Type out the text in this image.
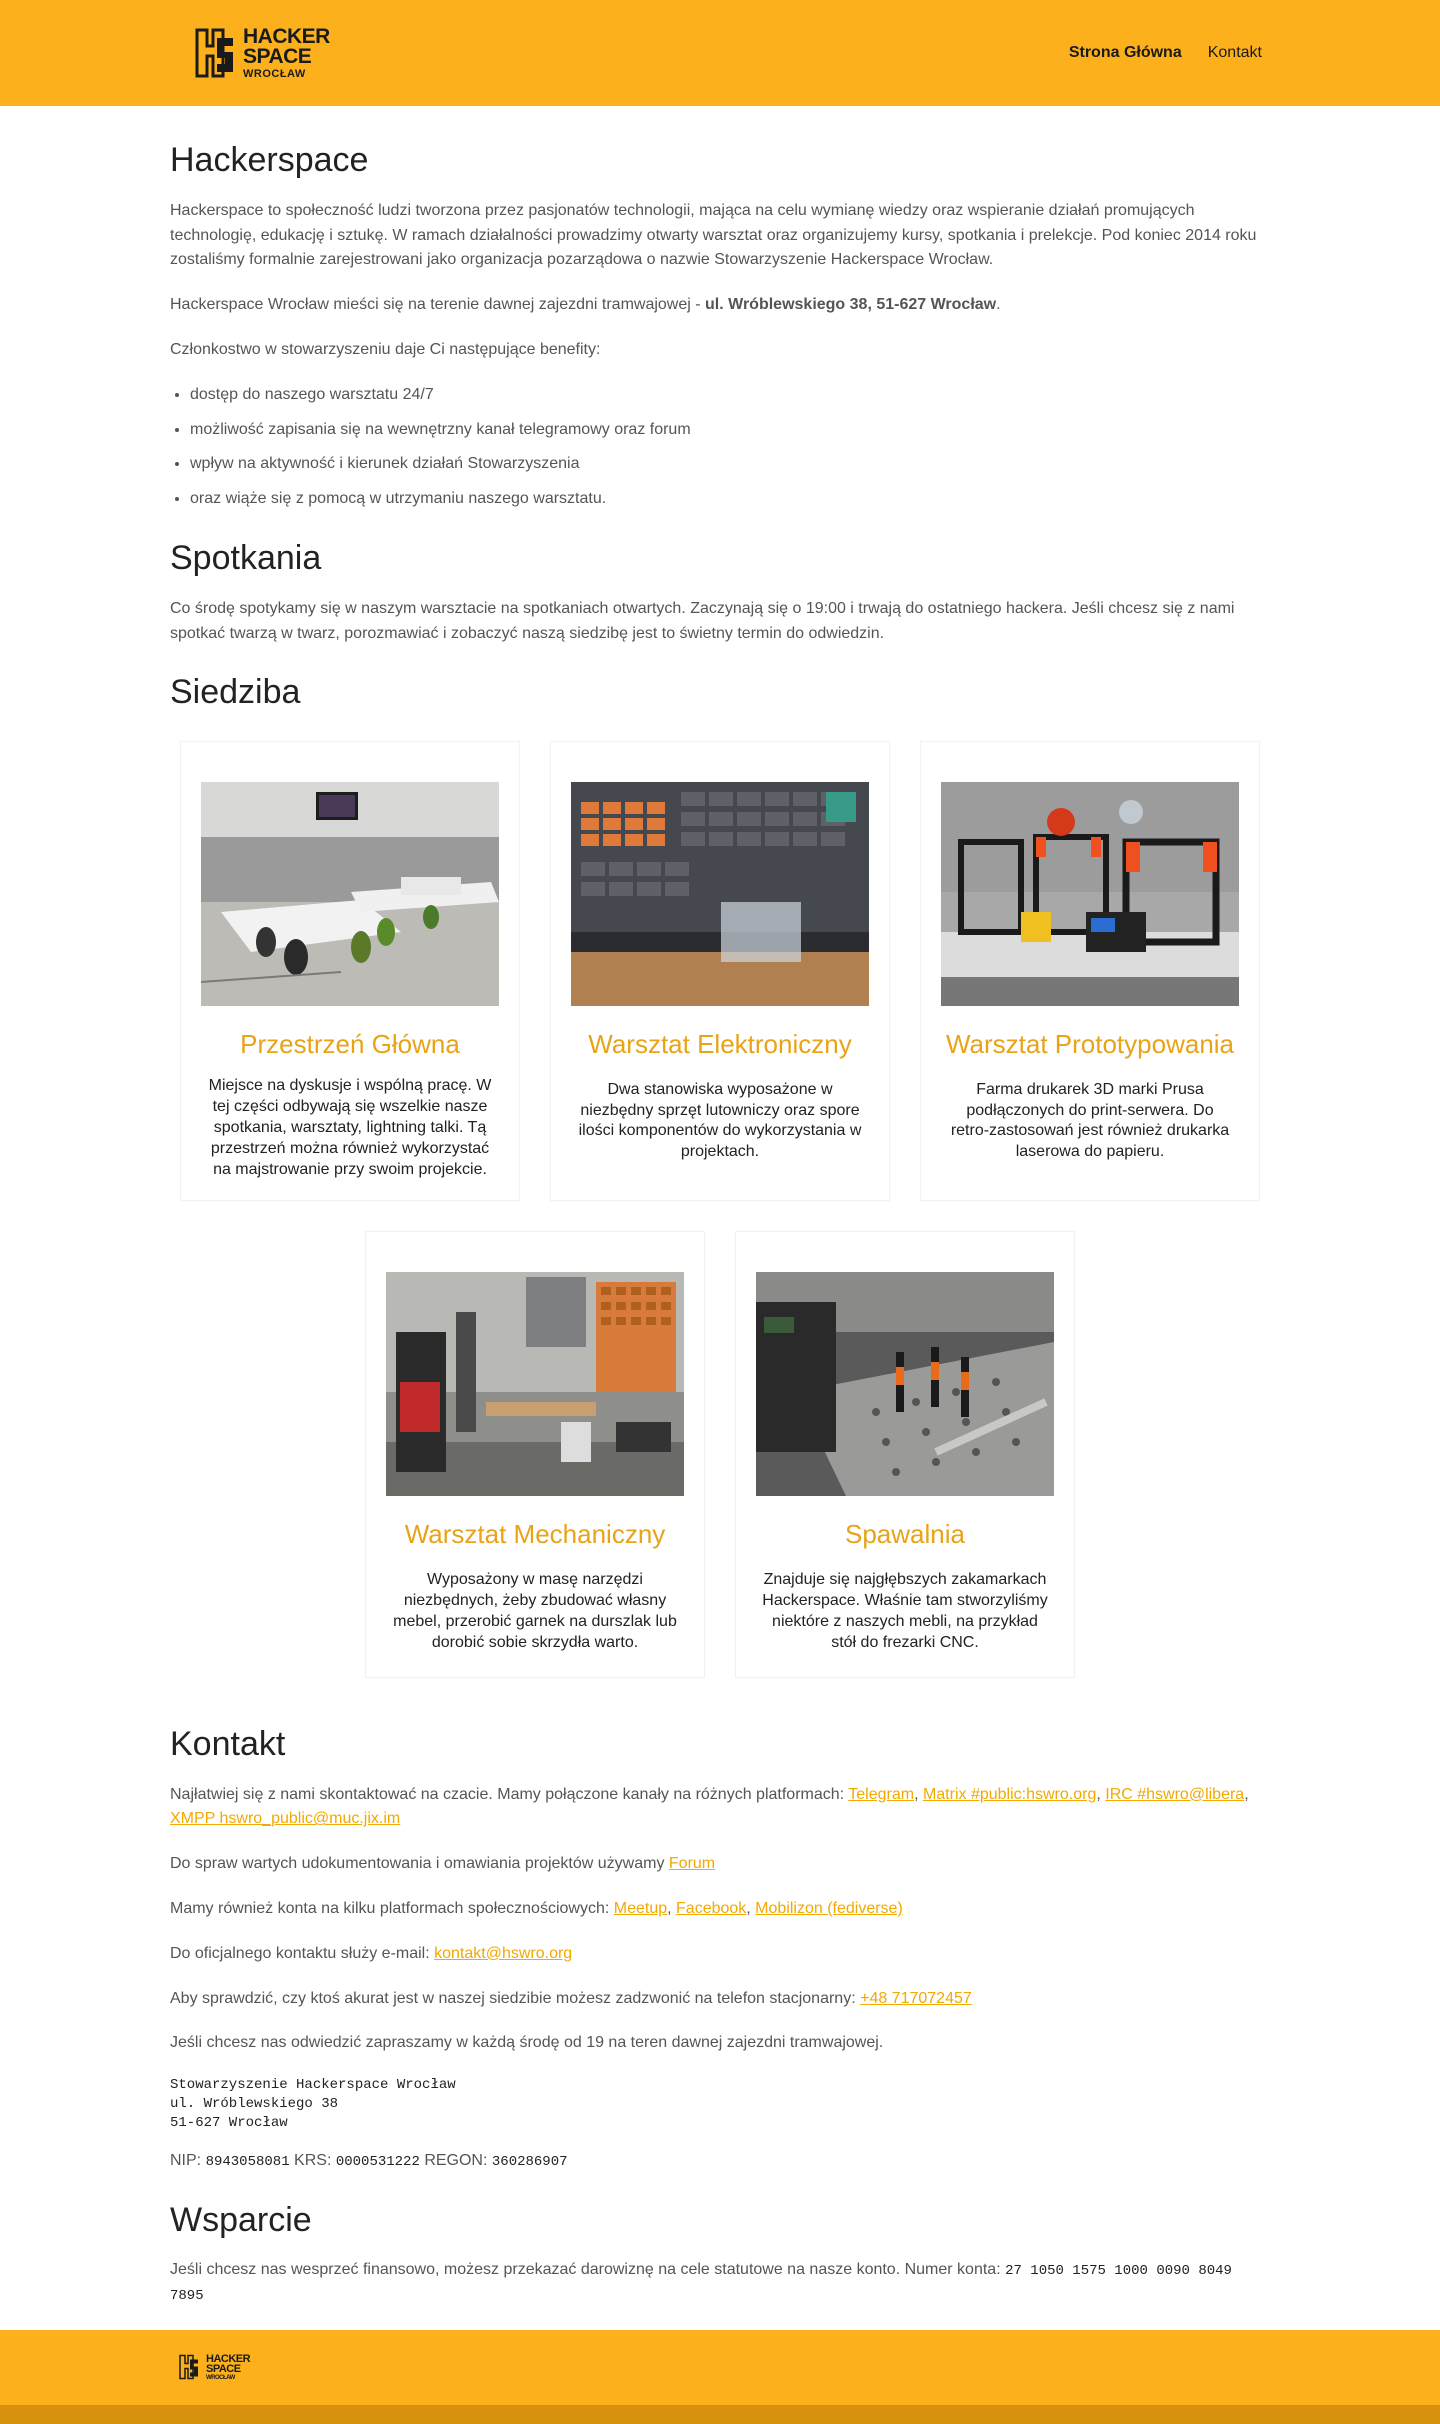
HACKER
SPACE
WROCŁAW
Strona Główna Kontakt
Hackerspace

Hackerspace to społeczność ludzi tworzona przez pasjonatów technologii, mająca na celu wymianę wiedzy oraz wspieranie działań promujących technologię, edukację i sztukę. W ramach działalności prowadzimy otwarty warsztat oraz organizujemy kursy, spotkania i prelekcje. Pod koniec 2014 roku zostaliśmy formalnie zarejestrowani jako organizacja pozarządowa o nazwie Stowarzyszenie Hackerspace Wrocław.

Hackerspace Wrocław mieści się na terenie dawnej zajezdni tramwajowej - ul. Wróblewskiego 38, 51-627 Wrocław.

Członkostwo w stowarzyszeniu daje Ci następujące benefity:

• dostęp do naszego warsztatu 24/7
• możliwość zapisania się na wewnętrzny kanał telegramowy oraz forum
• wpływ na aktywność i kierunek działań Stowarzyszenia
• oraz wiąże się z pomocą w utrzymaniu naszego warsztatu.
Spotkania

Co środę spotykamy się w naszym warsztacie na spotkaniach otwartych. Zaczynają się o 19:00 i trwają do ostatniego hackera. Jeśli chcesz się z nami spotkać twarzą w twarz, porozmawiać i zobaczyć naszą siedzibę jest to świetny termin do odwiedzin.

Siedziba
Przestrzeń Główna
Miejsce na dyskusje i wspólną pracę. W tej części odbywają się wszelkie nasze spotkania, warsztaty, lightning talki. Tą przestrzeń można również wykorzystać na majstrowanie przy swoim projekcie.
Warsztat Elektroniczny
Dwa stanowiska wyposażone w niezbędny sprzęt lutowniczy oraz spore ilości komponentów do wykorzystania w projektach.
Warsztat Prototypowania
Farma drukarek 3D marki Prusa podłączonych do print-serwera. Do retro-zastosowań jest również drukarka laserowa do papieru.
Warsztat Mechaniczny
Wyposażony w masę narzędzi niezbędnych, żeby zbudować własny mebel, przerobić garnek na durszlak lub dorobić sobie skrzydła warto.
Spawalnia
Znajduje się najgłębszych zakamarkach Hackerspace. Właśnie tam stworzyliśmy niektóre z naszych mebli, na przykład stół do frezarki CNC.
Kontakt

Najłatwiej się z nami skontaktować na czacie. Mamy połączone kanały na różnych platformach: Telegram, Matrix #public:hswro.org, IRC #hswro@libera, XMPP hswro_public@muc.jix.im

Do spraw wartych udokumentowania i omawiania projektów używamy Forum

Mamy również konta na kilku platformach społecznościowych: Meetup, Facebook, Mobilizon (fediverse)

Do oficjalnego kontaktu służy e-mail: kontakt@hswro.org

Aby sprawdzić, czy ktoś akurat jest w naszej siedzibie możesz zadzwonić na telefon stacjonarny: +48 717072457

Jeśli chcesz nas odwiedzić zapraszamy w każdą środę od 19 na teren dawnej zajezdni tramwajowej.

Stowarzyszenie Hackerspace Wrocław
ul. Wróblewskiego 38
51-627 Wrocław

NIP: 8943058081 KRS: 0000531222 REGON: 360286907

Wsparcie

Jeśli chcesz nas wesprzeć finansowo, możesz przekazać darowiznę na cele statutowe na nasze konto. Numer konta: 27 1050 1575 1000 0090 8049 7895

HACKER
SPACE
WROCŁAW
